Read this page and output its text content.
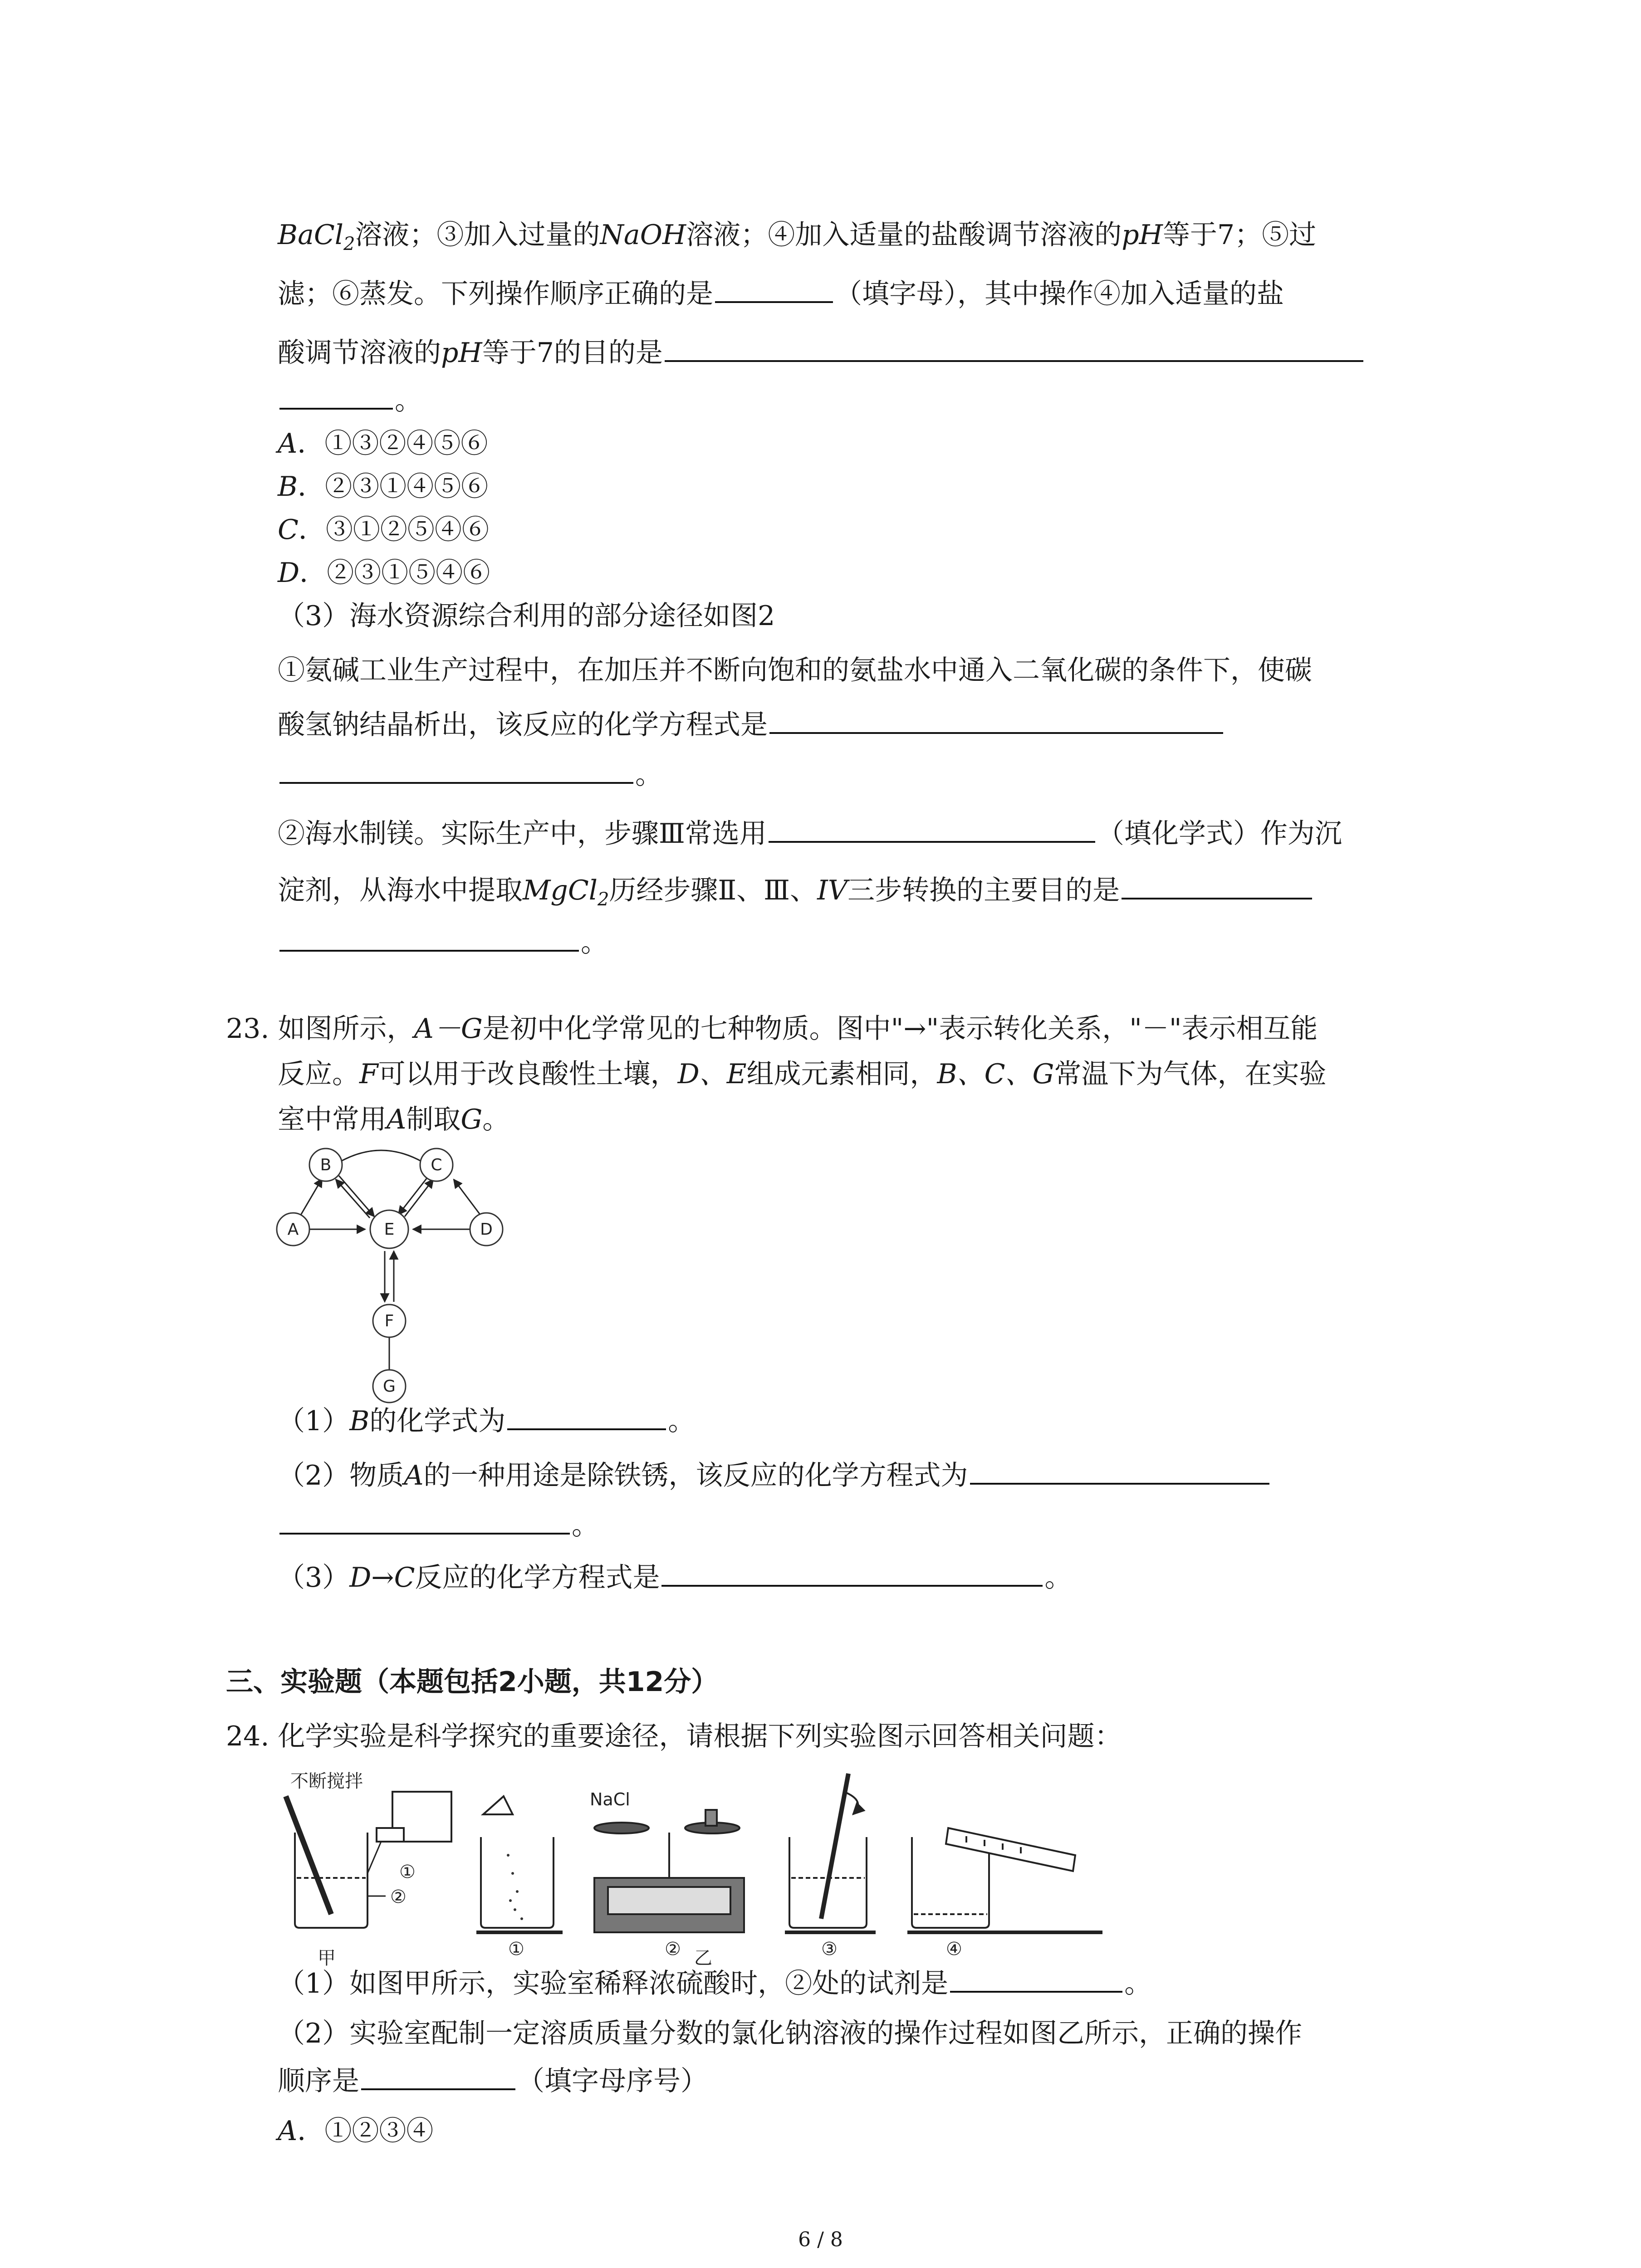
BaCl$_2$溶液；③加入过量的NaOH溶液；④加入适量的盐酸调节溶液的pH等于7；⑤过
滤；⑥蒸发。下列操作顺序正确的是	（填字母），其中操作④加入适量的盐
酸调节溶液的pH等于7的目的是
。
A．①③②④⑤⑥
B．②③①④⑤⑥
C．③①②⑤④⑥
D．②③①⑤④⑥
（3）海水资源综合利用的部分途径如图2
①氨碱工业生产过程中，在加压并不断向饱和的氨盐水中通入二氧化碳的条件下，使碳
酸氢钠结晶析出，该反应的化学方程式是
。
②海水制镁。实际生产中，步骤Ⅲ常选用	（填化学式）作为沉
淀剂，从海水中提取MgCl$_2$历经步骤Ⅱ、Ⅲ、IV三步转换的主要目的是
。
23. 如图所示，A－G是初中化学常见的七种物质。图中"→"表示转化关系，"－"表示相互能
反应。F可以用于改良酸性土壤，D、E组成元素相同，B、C、G常温下为气体，在实验
室中常用A制取G。
B	C
A	E	D
F
G
（1）B的化学式为	。
（2）物质A的一种用途是除铁锈，该反应的化学方程式为
。
（3）D→C反应的化学方程式是	。
三、实验题（本题包括2小题，共12分）
24. 化学实验是科学探究的重要途径，请根据下列实验图示回答相关问题：
不断搅拌
①
②
甲	①
NaCl
② 乙	③	④
（1）如图甲所示，实验室稀释浓硫酸时，②处的试剂是	。
（2）实验室配制一定溶质质量分数的氯化钠溶液的操作过程如图乙所示，正确的操作
顺序是	（填字母序号）
A．①②③④
6 / 8
